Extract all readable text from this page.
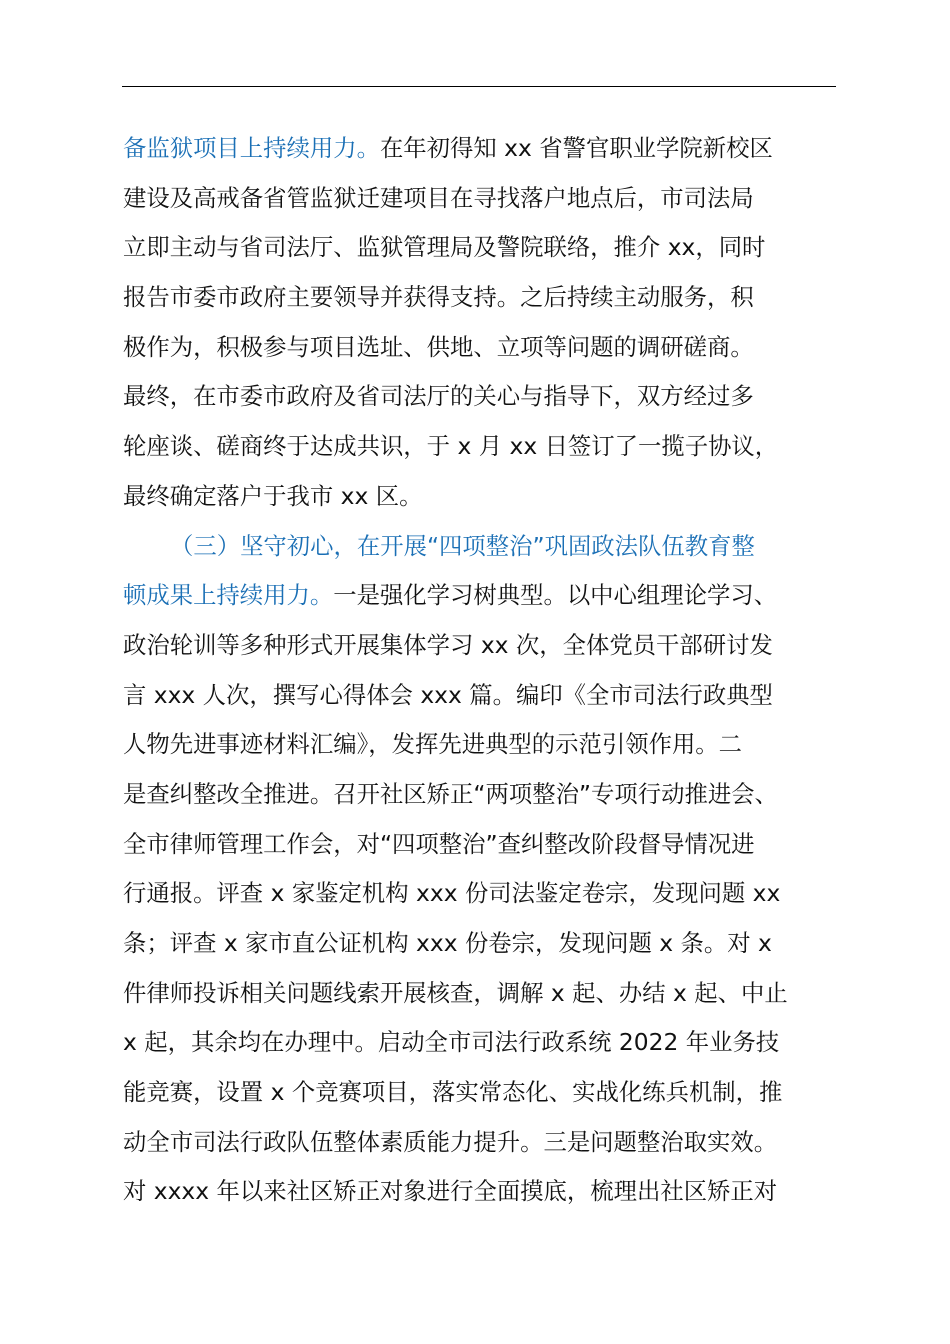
备监狱项目上持续用力。在年初得知 xx 省警官职业学院新校区
建设及高戒备省管监狱迁建项目在寻找落户地点后，市司法局
立即主动与省司法厅、监狱管理局及警院联络，推介 xx，同时
报告市委市政府主要领导并获得支持。之后持续主动服务，积
极作为，积极参与项目选址、供地、立项等问题的调研磋商。
最终，在市委市政府及省司法厅的关心与指导下，双方经过多
轮座谈、磋商终于达成共识，于 x 月 xx 日签订了一揽子协议，
最终确定落户于我市 xx 区。
（三）坚守初心，在开展“四项整治”巩固政法队伍教育整
顿成果上持续用力。一是强化学习树典型。以中心组理论学习、
政治轮训等多种形式开展集体学习 xx 次，全体党员干部研讨发
言 xxx 人次，撰写心得体会 xxx 篇。编印《全市司法行政典型
人物先进事迹材料汇编》，发挥先进典型的示范引领作用。二
是查纠整改全推进。召开社区矫正“两项整治”专项行动推进会、
全市律师管理工作会，对“四项整治”查纠整改阶段督导情况进
行通报。评查 x 家鉴定机构 xxx 份司法鉴定卷宗，发现问题 xx
条；评查 x 家市直公证机构 xxx 份卷宗，发现问题 x 条。对 x
件律师投诉相关问题线索开展核查，调解 x 起、办结 x 起、中止
x 起，其余均在办理中。启动全市司法行政系统 2022 年业务技
能竞赛，设置 x 个竞赛项目，落实常态化、实战化练兵机制，推
动全市司法行政队伍整体素质能力提升。三是问题整治取实效。
对 xxxx 年以来社区矫正对象进行全面摸底，梳理出社区矫正对
